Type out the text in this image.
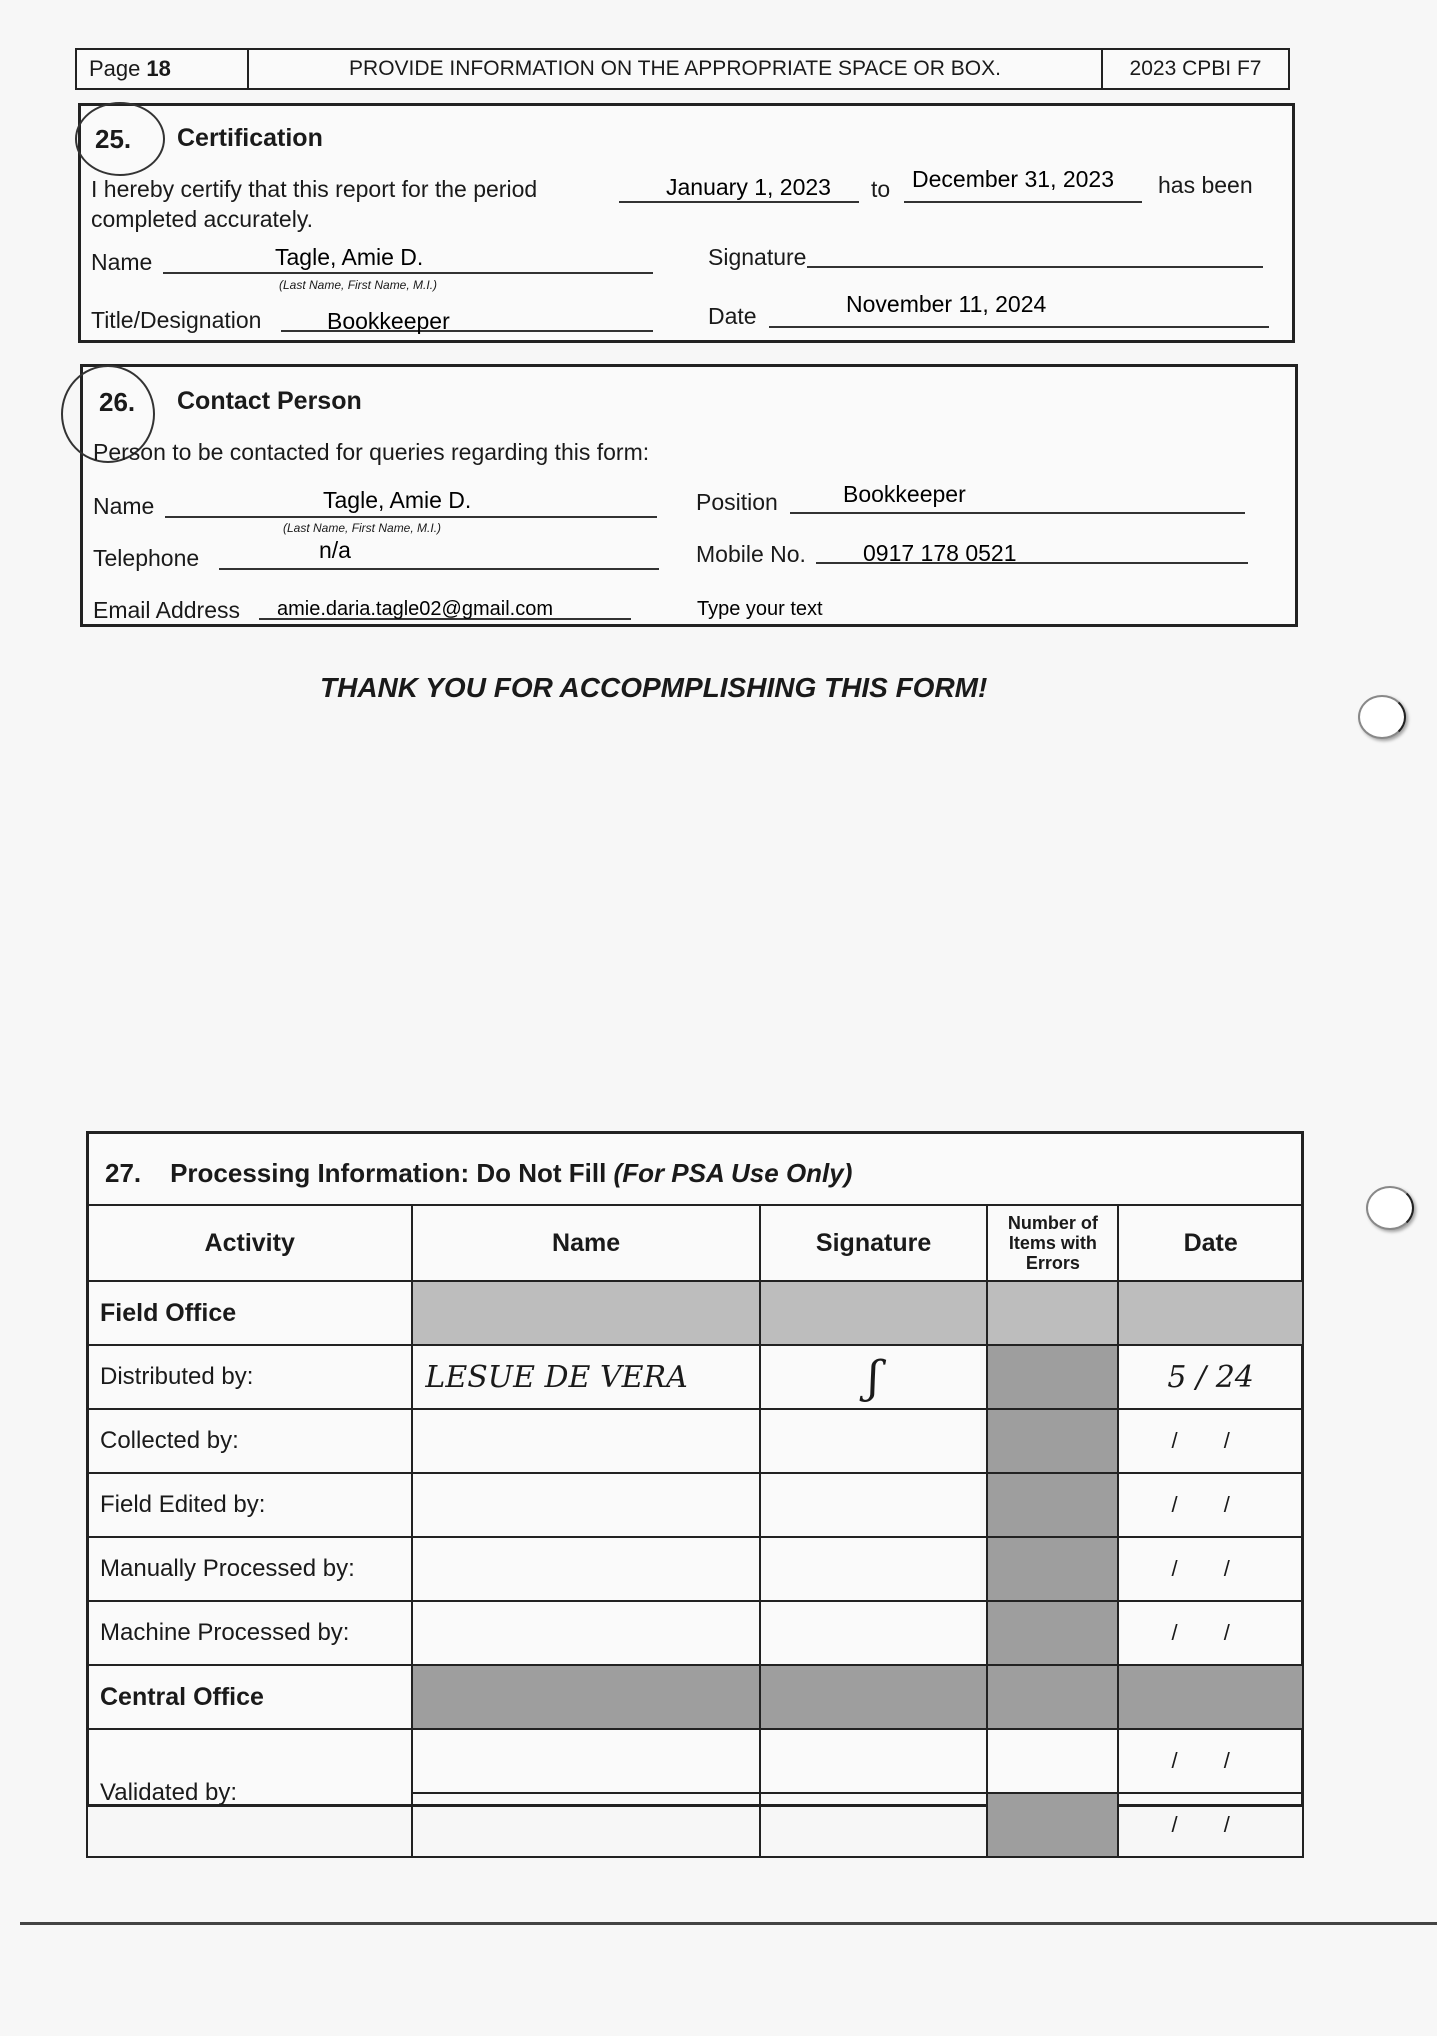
Page 18	PROVIDE INFORMATION ON THE APPROPRIATE SPACE OR BOX.	2023 CPBI F7
25. Certification
I hereby certify that this report for the period	January 1, 2023 to December 31, 2023 has been
completed accurately.
Name	Tagle, Amie D.
(Last Name, First Name, M.I.)
Signature
Title/Designation	Bookkeeper	Date	November 11, 2024
26. Contact Person
Person to be contacted for queries regarding this form:
Name	Tagle, Amie D.
(Last Name, First Name, M.I.)
Position	Bookkeeper
Telephone	n/a	Mobile No. 0917 178 0521
Email Address amie.daria.tagle02@gmail.com	Type your text
THANK YOU FOR ACCOPMPLISHING THIS FORM!
27. Processing Information: Do Not Fill (For PSA Use Only)
Activity	Name	Signature	Number of Items with Errors	Date
Field Office				
Distributed by:	LESUE DE VERA	ʃ		5 / 24
Collected by:				/ /
Field Edited by:				/ /
Manually Processed by:				/ /
Machine Processed by:				/ /
Central Office				
Validated by:				/ /
				/ /
